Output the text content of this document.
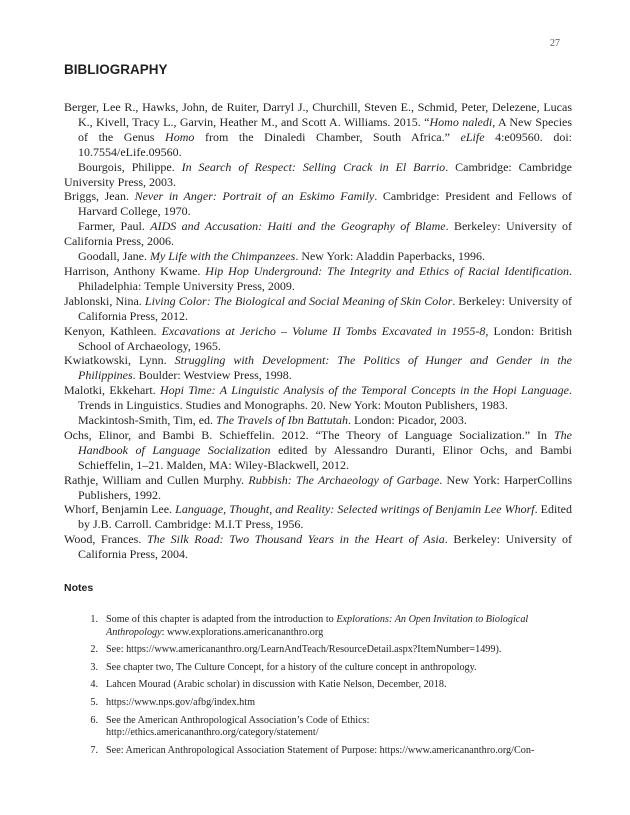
27
BIBLIOGRAPHY

Berger, Lee R., Hawks, John, de Ruiter, Darryl J., Churchill, Steven E., Schmid, Peter, Delezene, Lucas K., Kivell, Tracy L., Garvin, Heather M., and Scott A. Williams. 2015. “Homo naledi, A New Species of the Genus Homo from the Dinaledi Chamber, South Africa.” eLife 4:e09560. doi: 10.7554/eLife.09560.

Bourgois, Philippe. In Search of Respect: Selling Crack in El Barrio. Cambridge: Cambridge University Press, 2003.

Briggs, Jean. Never in Anger: Portrait of an Eskimo Family. Cambridge: President and Fellows of Harvard College, 1970.

Farmer, Paul. AIDS and Accusation: Haiti and the Geography of Blame. Berkeley: University of California Press, 2006.

Goodall, Jane. My Life with the Chimpanzees. New York: Aladdin Paperbacks, 1996.

Harrison, Anthony Kwame. Hip Hop Underground: The Integrity and Ethics of Racial Identification. Philadelphia: Temple University Press, 2009.

Jablonski, Nina. Living Color: The Biological and Social Meaning of Skin Color. Berkeley: University of California Press, 2012.

Kenyon, Kathleen. Excavations at Jericho – Volume II Tombs Excavated in 1955-8, London: British School of Archaeology, 1965.

Kwiatkowski, Lynn. Struggling with Development: The Politics of Hunger and Gender in the Philippines. Boulder: Westview Press, 1998.

Malotki, Ekkehart. Hopi Time: A Linguistic Analysis of the Temporal Concepts in the Hopi Language. Trends in Linguistics. Studies and Monographs. 20. New York: Mouton Publishers, 1983.

Mackintosh-Smith, Tim, ed. The Travels of Ibn Battutah. London: Picador, 2003.

Ochs, Elinor, and Bambi B. Schieffelin. 2012. “The Theory of Language Socialization.” In The Handbook of Language Socialization edited by Alessandro Duranti, Elinor Ochs, and Bambi Schieffelin, 1–21. Malden, MA: Wiley-Blackwell, 2012.

Rathje, William and Cullen Murphy. Rubbish: The Archaeology of Garbage. New York: HarperCollins Publishers, 1992.

Whorf, Benjamin Lee. Language, Thought, and Reality: Selected writings of Benjamin Lee Whorf. Edited by J.B. Carroll. Cambridge: M.I.T Press, 1956.

Wood, Frances. The Silk Road: Two Thousand Years in the Heart of Asia. Berkeley: University of California Press, 2004.

Notes
1. Some of this chapter is adapted from the introduction to Explorations: An Open Invitation to Biological Anthropology: www.explorations.americananthro.org
2. See: https://www.americananthro.org/LearnAndTeach/ResourceDetail.aspx?ItemNumber=1499).
3. See chapter two, The Culture Concept, for a history of the culture concept in anthropology.
4. Lahcen Mourad (Arabic scholar) in discussion with Katie Nelson, December, 2018.
5. https://www.nps.gov/afbg/index.htm
6. See the American Anthropological Association’s Code of Ethics: http://ethics.americananthro.org/category/statement/
7. See: American Anthropological Association Statement of Purpose: https://www.americananthro.org/Con-
